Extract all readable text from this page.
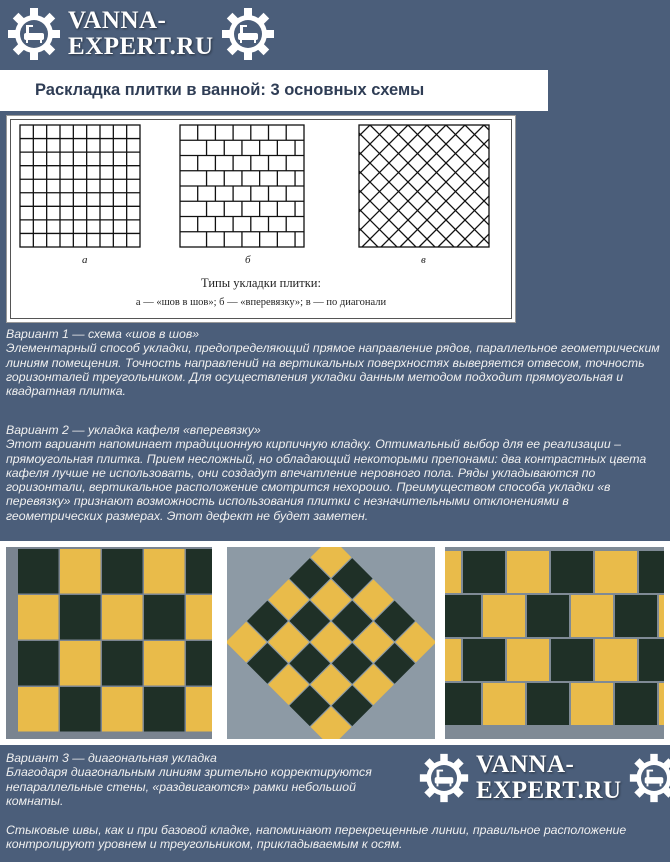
VANNA-
EXPERT.RU
Раскладка плитки в ванной: 3 основных схемы
а	б	в
Типы укладки плитки:
а — «шов в шов»; б — «вперевязку»; в — по диагонали

Вариант 1 — схема «шов в шов»

Элементарный способ укладки, предопределяющий прямое направление рядов, параллельное геометрическим линиям помещения. Точность направлений на вертикальных поверхностях выверяется отвесом, точность горизонталей треугольником. Для осуществления укладки данным методом подходит прямоугольная и квадратная плитка.

Вариант 2 — укладка кафеля «вперевязку»

Этот вариант напоминает традиционную кирпичную кладку. Оптимальный выбор для ее реализации – прямоугольная плитка. Прием несложный, но обладающий некоторыми препонами: два контрастных цвета кафеля лучше не использовать, они создадут впечатление неровного пола. Ряды укладываются по горизонтали, вертикальное расположение смотрится нехорошо. Преимуществом способа укладки «в перевязку» признают возможность использования плитки с незначительными отклонениями в геометрических размерах. Этот дефект не будет заметен.

Вариант 3 — диагональная укладка

Благодаря диагональным линиям зрительно корректируются непараллельные стены, «раздвигаются» рамки небольшой комнаты.

VANNA-
EXPERT.RU

Стыковые швы, как и при базовой кладке, напоминают перекрещенные линии, правильное расположение контролируют уровнем и треугольником, прикладываемым к осям.
